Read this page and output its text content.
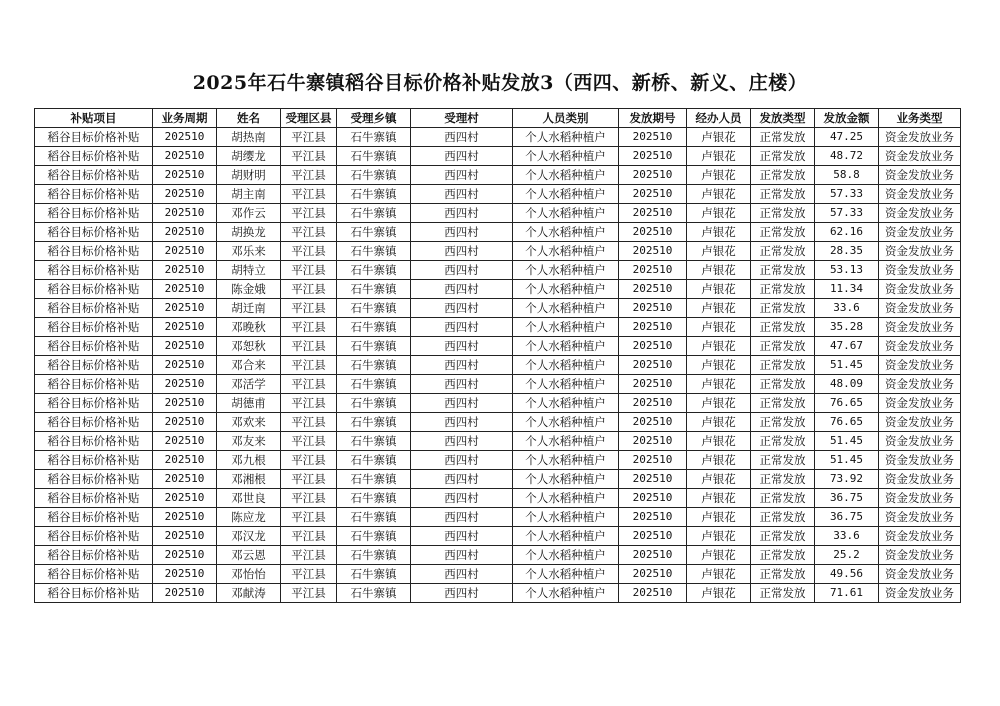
2025年石牛寨镇稻谷目标价格补贴发放3（西四、新桥、新义、庄楼）
补贴项目	业务周期	姓名	受理区县	受理乡镇	受理村	人员类别	发放期号	经办人员	发放类型	发放金额	业务类型
稻谷目标价格补贴	202510	胡热南	平江县	石牛寨镇	西四村	个人水稻种植户	202510	卢银花	正常发放	47.25	资金发放业务
稻谷目标价格补贴	202510	胡缨龙	平江县	石牛寨镇	西四村	个人水稻种植户	202510	卢银花	正常发放	48.72	资金发放业务
稻谷目标价格补贴	202510	胡财明	平江县	石牛寨镇	西四村	个人水稻种植户	202510	卢银花	正常发放	58.8	资金发放业务
稻谷目标价格补贴	202510	胡主南	平江县	石牛寨镇	西四村	个人水稻种植户	202510	卢银花	正常发放	57.33	资金发放业务
稻谷目标价格补贴	202510	邓作云	平江县	石牛寨镇	西四村	个人水稻种植户	202510	卢银花	正常发放	57.33	资金发放业务
稻谷目标价格补贴	202510	胡换龙	平江县	石牛寨镇	西四村	个人水稻种植户	202510	卢银花	正常发放	62.16	资金发放业务
稻谷目标价格补贴	202510	邓乐来	平江县	石牛寨镇	西四村	个人水稻种植户	202510	卢银花	正常发放	28.35	资金发放业务
稻谷目标价格补贴	202510	胡特立	平江县	石牛寨镇	西四村	个人水稻种植户	202510	卢银花	正常发放	53.13	资金发放业务
稻谷目标价格补贴	202510	陈金娥	平江县	石牛寨镇	西四村	个人水稻种植户	202510	卢银花	正常发放	11.34	资金发放业务
稻谷目标价格补贴	202510	胡迁南	平江县	石牛寨镇	西四村	个人水稻种植户	202510	卢银花	正常发放	33.6	资金发放业务
稻谷目标价格补贴	202510	邓晚秋	平江县	石牛寨镇	西四村	个人水稻种植户	202510	卢银花	正常发放	35.28	资金发放业务
稻谷目标价格补贴	202510	邓恕秋	平江县	石牛寨镇	西四村	个人水稻种植户	202510	卢银花	正常发放	47.67	资金发放业务
稻谷目标价格补贴	202510	邓合来	平江县	石牛寨镇	西四村	个人水稻种植户	202510	卢银花	正常发放	51.45	资金发放业务
稻谷目标价格补贴	202510	邓活学	平江县	石牛寨镇	西四村	个人水稻种植户	202510	卢银花	正常发放	48.09	资金发放业务
稻谷目标价格补贴	202510	胡德甫	平江县	石牛寨镇	西四村	个人水稻种植户	202510	卢银花	正常发放	76.65	资金发放业务
稻谷目标价格补贴	202510	邓欢来	平江县	石牛寨镇	西四村	个人水稻种植户	202510	卢银花	正常发放	76.65	资金发放业务
稻谷目标价格补贴	202510	邓友来	平江县	石牛寨镇	西四村	个人水稻种植户	202510	卢银花	正常发放	51.45	资金发放业务
稻谷目标价格补贴	202510	邓九根	平江县	石牛寨镇	西四村	个人水稻种植户	202510	卢银花	正常发放	51.45	资金发放业务
稻谷目标价格补贴	202510	邓湘根	平江县	石牛寨镇	西四村	个人水稻种植户	202510	卢银花	正常发放	73.92	资金发放业务
稻谷目标价格补贴	202510	邓世良	平江县	石牛寨镇	西四村	个人水稻种植户	202510	卢银花	正常发放	36.75	资金发放业务
稻谷目标价格补贴	202510	陈应龙	平江县	石牛寨镇	西四村	个人水稻种植户	202510	卢银花	正常发放	36.75	资金发放业务
稻谷目标价格补贴	202510	邓汉龙	平江县	石牛寨镇	西四村	个人水稻种植户	202510	卢银花	正常发放	33.6	资金发放业务
稻谷目标价格补贴	202510	邓云恩	平江县	石牛寨镇	西四村	个人水稻种植户	202510	卢银花	正常发放	25.2	资金发放业务
稻谷目标价格补贴	202510	邓怡怡	平江县	石牛寨镇	西四村	个人水稻种植户	202510	卢银花	正常发放	49.56	资金发放业务
稻谷目标价格补贴	202510	邓献涛	平江县	石牛寨镇	西四村	个人水稻种植户	202510	卢银花	正常发放	71.61	资金发放业务
